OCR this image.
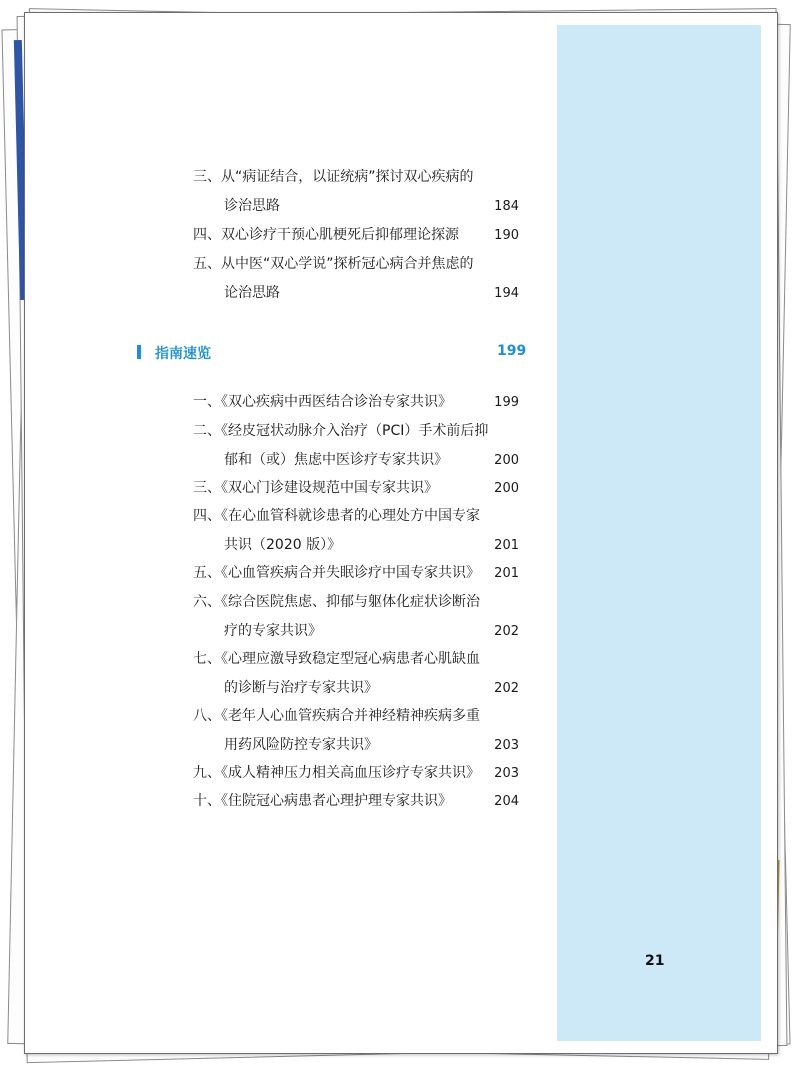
三、从“病证结合，以证统病”探讨双心疾病的
诊治思路	184
四、双心诊疗干预心肌梗死后抑郁理论探源	190
五、从中医“双心学说”探析冠心病合并焦虑的
论治思路	194
指南速览	199
一、《双心疾病中西医结合诊治专家共识》	199
二、《经皮冠状动脉介入治疗（PCI）手术前后抑
郁和（或）焦虑中医诊疗专家共识》	200
三、《双心门诊建设规范中国专家共识》	200
四、《在心血管科就诊患者的心理处方中国专家
共识（2020 版）》	201
五、《心血管疾病合并失眠诊疗中国专家共识》 201
六、《综合医院焦虑、抑郁与躯体化症状诊断治
疗的专家共识》	202
七、《心理应激导致稳定型冠心病患者心肌缺血
的诊断与治疗专家共识》	202
八、《老年人心血管疾病合并神经精神疾病多重
用药风险防控专家共识》	203
九、《成人精神压力相关高血压诊疗专家共识》 203
十、《住院冠心病患者心理护理专家共识》	204
21
